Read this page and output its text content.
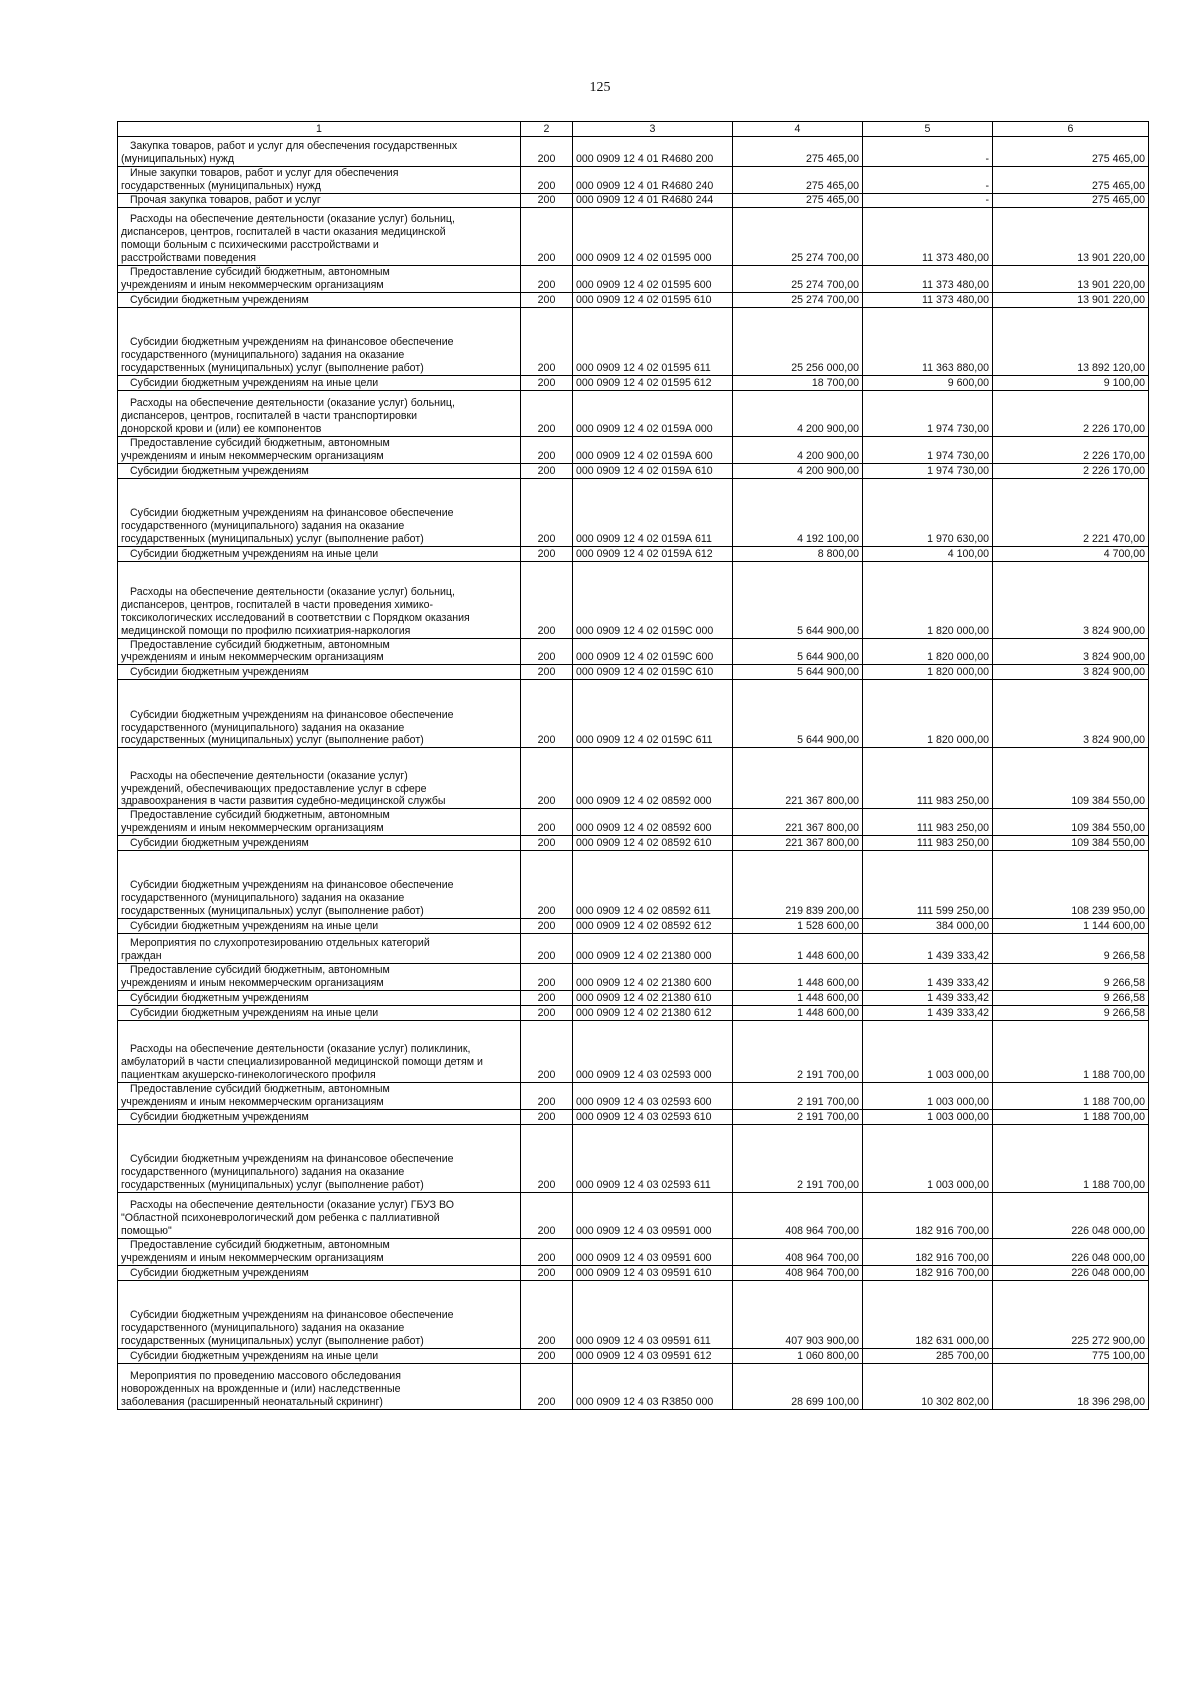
125
1	2	3	4	5	6
Закупка товаров, работ и услуг для обеспечения государственных
(муниципальных) нужд	200	000 0909 12 4 01 R4680 200	275 465,00	-	275 465,00
Иные закупки товаров, работ и услуг для обеспечения
государственных (муниципальных) нужд	200	000 0909 12 4 01 R4680 240	275 465,00	-	275 465,00
Прочая закупка товаров, работ и услуг	200	000 0909 12 4 01 R4680 244	275 465,00	-	275 465,00
Расходы на обеспечение деятельности (оказание услуг) больниц,
диспансеров, центров, госпиталей в части оказания медицинской
помощи больным с психическими расстройствами и
расстройствами поведения	200	000 0909 12 4 02 01595 000	25 274 700,00	11 373 480,00	13 901 220,00
Предоставление субсидий бюджетным, автономным
учреждениям и иным некоммерческим организациям	200	000 0909 12 4 02 01595 600	25 274 700,00	11 373 480,00	13 901 220,00
Субсидии бюджетным учреждениям	200	000 0909 12 4 02 01595 610	25 274 700,00	11 373 480,00	13 901 220,00
Субсидии бюджетным учреждениям на финансовое обеспечение
государственного (муниципального) задания на оказание
государственных (муниципальных) услуг (выполнение работ)	200	000 0909 12 4 02 01595 611	25 256 000,00	11 363 880,00	13 892 120,00
Субсидии бюджетным учреждениям на иные цели	200	000 0909 12 4 02 01595 612	18 700,00	9 600,00	9 100,00
Расходы на обеспечение деятельности (оказание услуг) больниц,
диспансеров, центров, госпиталей в части транспортировки
донорской крови и (или) ее компонентов	200	000 0909 12 4 02 0159А 000	4 200 900,00	1 974 730,00	2 226 170,00
Предоставление субсидий бюджетным, автономным
учреждениям и иным некоммерческим организациям	200	000 0909 12 4 02 0159А 600	4 200 900,00	1 974 730,00	2 226 170,00
Субсидии бюджетным учреждениям	200	000 0909 12 4 02 0159А 610	4 200 900,00	1 974 730,00	2 226 170,00
Субсидии бюджетным учреждениям на финансовое обеспечение
государственного (муниципального) задания на оказание
государственных (муниципальных) услуг (выполнение работ)	200	000 0909 12 4 02 0159А 611	4 192 100,00	1 970 630,00	2 221 470,00
Субсидии бюджетным учреждениям на иные цели	200	000 0909 12 4 02 0159А 612	8 800,00	4 100,00	4 700,00
Расходы на обеспечение деятельности (оказание услуг) больниц, диспансеров, центров, госпиталей в части проведения химико-токсикологических исследований в соответствии с Порядком оказания медицинской помощи по профилю психиатрия-наркология	200	000 0909 12 4 02 0159С 000	5 644 900,00	1 820 000,00	3 824 900,00
Предоставление субсидий бюджетным, автономным
учреждениям и иным некоммерческим организациям	200	000 0909 12 4 02 0159С 600	5 644 900,00	1 820 000,00	3 824 900,00
Субсидии бюджетным учреждениям	200	000 0909 12 4 02 0159С 610	5 644 900,00	1 820 000,00	3 824 900,00
Субсидии бюджетным учреждениям на финансовое обеспечение
государственного (муниципального) задания на оказание
государственных (муниципальных) услуг (выполнение работ)	200	000 0909 12 4 02 0159С 611	5 644 900,00	1 820 000,00	3 824 900,00
Расходы на обеспечение деятельности (оказание услуг)
учреждений, обеспечивающих предоставление услуг в сфере
здравоохранения в части развития судебно-медицинской службы	200	000 0909 12 4 02 08592 000	221 367 800,00	111 983 250,00	109 384 550,00
Предоставление субсидий бюджетным, автономным
учреждениям и иным некоммерческим организациям	200	000 0909 12 4 02 08592 600	221 367 800,00	111 983 250,00	109 384 550,00
Субсидии бюджетным учреждениям	200	000 0909 12 4 02 08592 610	221 367 800,00	111 983 250,00	109 384 550,00
Субсидии бюджетным учреждениям на финансовое обеспечение
государственного (муниципального) задания на оказание
государственных (муниципальных) услуг (выполнение работ)	200	000 0909 12 4 02 08592 611	219 839 200,00	111 599 250,00	108 239 950,00
Субсидии бюджетным учреждениям на иные цели	200	000 0909 12 4 02 08592 612	1 528 600,00	384 000,00	1 144 600,00
Мероприятия по слухопротезированию отдельных категорий
граждан	200	000 0909 12 4 02 21380 000	1 448 600,00	1 439 333,42	9 266,58
Предоставление субсидий бюджетным, автономным
учреждениям и иным некоммерческим организациям	200	000 0909 12 4 02 21380 600	1 448 600,00	1 439 333,42	9 266,58
Субсидии бюджетным учреждениям	200	000 0909 12 4 02 21380 610	1 448 600,00	1 439 333,42	9 266,58
Субсидии бюджетным учреждениям на иные цели	200	000 0909 12 4 02 21380 612	1 448 600,00	1 439 333,42	9 266,58
Расходы на обеспечение деятельности (оказание услуг) поликлиник, амбулаторий в части специализированной медицинской помощи детям и пациенткам акушерско-гинекологического профиля	200	000 0909 12 4 03 02593 000	2 191 700,00	1 003 000,00	1 188 700,00
Предоставление субсидий бюджетным, автономным
учреждениям и иным некоммерческим организациям	200	000 0909 12 4 03 02593 600	2 191 700,00	1 003 000,00	1 188 700,00
Субсидии бюджетным учреждениям	200	000 0909 12 4 03 02593 610	2 191 700,00	1 003 000,00	1 188 700,00
Субсидии бюджетным учреждениям на финансовое обеспечение
государственного (муниципального) задания на оказание
государственных (муниципальных) услуг (выполнение работ)	200	000 0909 12 4 03 02593 611	2 191 700,00	1 003 000,00	1 188 700,00
Расходы на обеспечение деятельности (оказание услуг) ГБУЗ ВО
"Областной психоневрологический дом ребенка с паллиативной
помощью"	200	000 0909 12 4 03 09591 000	408 964 700,00	182 916 700,00	226 048 000,00
Предоставление субсидий бюджетным, автономным
учреждениям и иным некоммерческим организациям	200	000 0909 12 4 03 09591 600	408 964 700,00	182 916 700,00	226 048 000,00
Субсидии бюджетным учреждениям	200	000 0909 12 4 03 09591 610	408 964 700,00	182 916 700,00	226 048 000,00
Субсидии бюджетным учреждениям на финансовое обеспечение
государственного (муниципального) задания на оказание
государственных (муниципальных) услуг (выполнение работ)	200	000 0909 12 4 03 09591 611	407 903 900,00	182 631 000,00	225 272 900,00
Субсидии бюджетным учреждениям на иные цели	200	000 0909 12 4 03 09591 612	1 060 800,00	285 700,00	775 100,00
Мероприятия по проведению массового обследования
новорожденных на врожденные и (или) наследственные
заболевания (расширенный неонатальный скрининг)	200	000 0909 12 4 03 R3850 000	28 699 100,00	10 302 802,00	18 396 298,00
